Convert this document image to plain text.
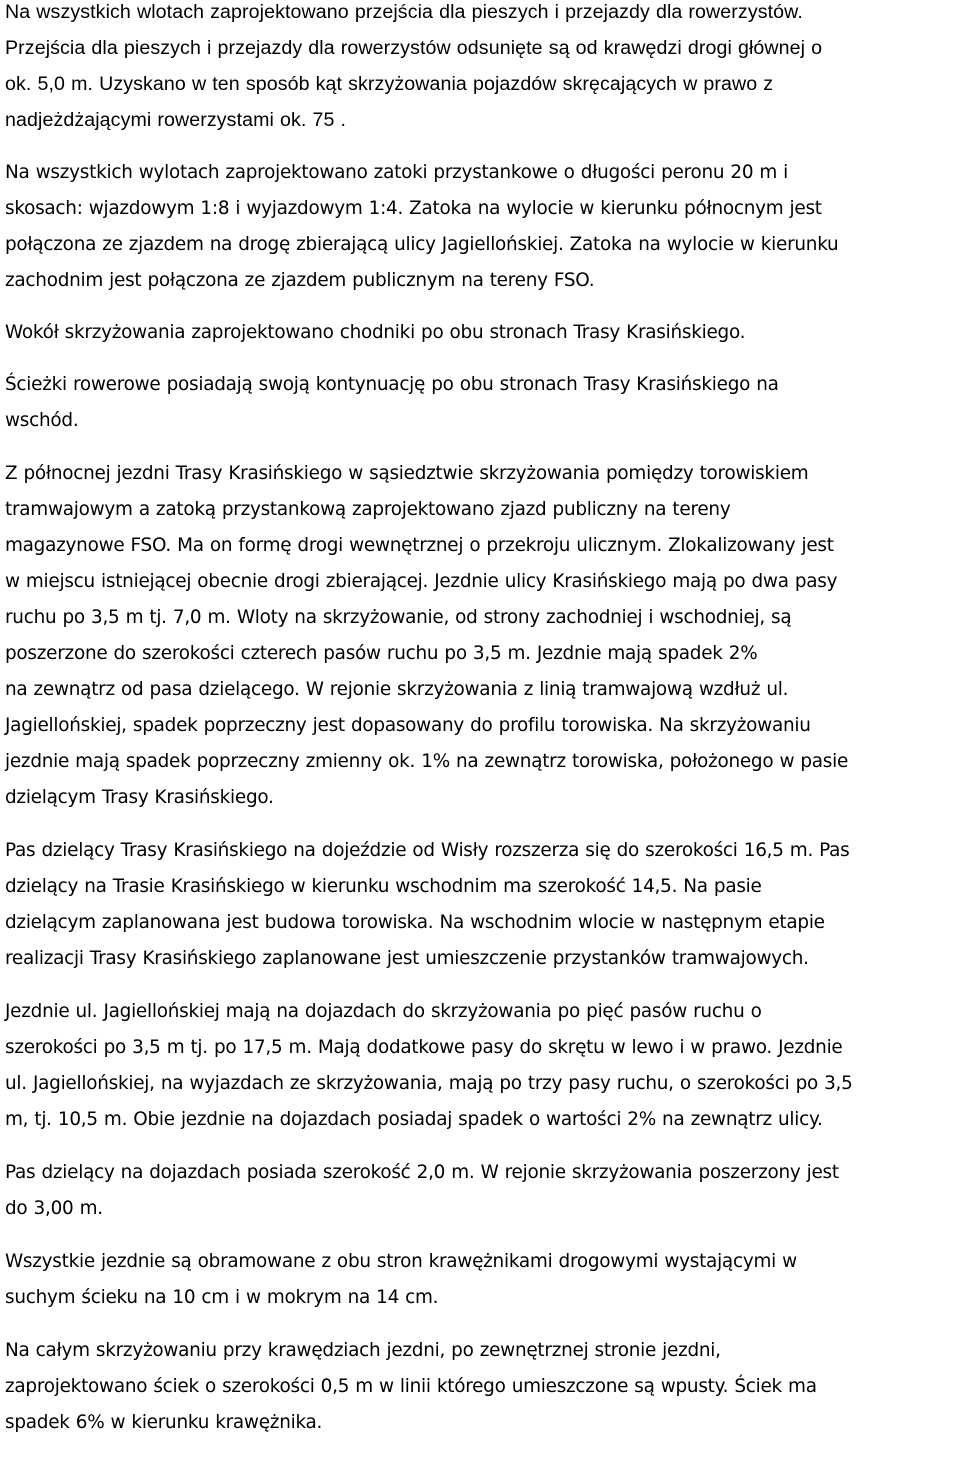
Na wszystkich wlotach zaprojektowano przejścia dla pieszych i przejazdy dla rowerzystów.
Przejścia dla pieszych i przejazdy dla rowerzystów odsunięte są od krawędzi drogi głównej o
ok. 5,0 m. Uzyskano w ten sposób kąt skrzyżowania pojazdów skręcających w prawo z
nadjeżdżającymi rowerzystami ok. 75 .

Na wszystkich wylotach zaprojektowano zatoki przystankowe o długości peronu 20 m i
skosach: wjazdowym 1:8 i wyjazdowym 1:4. Zatoka na wylocie w kierunku północnym jest
połączona ze zjazdem na drogę zbierającą ulicy Jagiellońskiej. Zatoka na wylocie w kierunku
zachodnim jest połączona ze zjazdem publicznym na tereny FSO.

Wokół skrzyżowania zaprojektowano chodniki po obu stronach Trasy Krasińskiego.

Ścieżki rowerowe posiadają swoją kontynuację po obu stronach Trasy Krasińskiego na
wschód.

Z północnej jezdni Trasy Krasińskiego w sąsiedztwie skrzyżowania pomiędzy torowiskiem
tramwajowym a zatoką przystankową zaprojektowano zjazd publiczny na tereny
magazynowe FSO. Ma on formę drogi wewnętrznej o przekroju ulicznym. Zlokalizowany jest
w miejscu istniejącej obecnie drogi zbierającej. Jezdnie ulicy Krasińskiego mają po dwa pasy
ruchu po 3,5 m tj. 7,0 m. Wloty na skrzyżowanie, od strony zachodniej i wschodniej, są
poszerzone do szerokości czterech pasów ruchu po 3,5 m. Jezdnie mają spadek 2%
na zewnątrz od pasa dzielącego. W rejonie skrzyżowania z linią tramwajową wzdłuż ul.
Jagiellońskiej, spadek poprzeczny jest dopasowany do profilu torowiska. Na skrzyżowaniu
jezdnie mają spadek poprzeczny zmienny ok. 1% na zewnątrz torowiska, położonego w pasie
dzielącym Trasy Krasińskiego.

Pas dzielący Trasy Krasińskiego na dojeździe od Wisły rozszerza się do szerokości 16,5 m. Pas
dzielący na Trasie Krasińskiego w kierunku wschodnim ma szerokość 14,5. Na pasie
dzielącym zaplanowana jest budowa torowiska. Na wschodnim wlocie w następnym etapie
realizacji Trasy Krasińskiego zaplanowane jest umieszczenie przystanków tramwajowych.

Jezdnie ul. Jagiellońskiej mają na dojazdach do skrzyżowania po pięć pasów ruchu o
szerokości po 3,5 m tj. po 17,5 m. Mają dodatkowe pasy do skrętu w lewo i w prawo. Jezdnie
ul. Jagiellońskiej, na wyjazdach ze skrzyżowania, mają po trzy pasy ruchu, o szerokości po 3,5
m, tj. 10,5 m. Obie jezdnie na dojazdach posiadaj spadek o wartości 2% na zewnątrz ulicy.

Pas dzielący na dojazdach posiada szerokość 2,0 m. W rejonie skrzyżowania poszerzony jest
do 3,00 m.

Wszystkie jezdnie są obramowane z obu stron krawężnikami drogowymi wystającymi w
suchym ścieku na 10 cm i w mokrym na 14 cm.

Na całym skrzyżowaniu przy krawędziach jezdni, po zewnętrznej stronie jezdni,
zaprojektowano ściek o szerokości 0,5 m w linii którego umieszczone są wpusty. Ściek ma
spadek 6% w kierunku krawężnika.
